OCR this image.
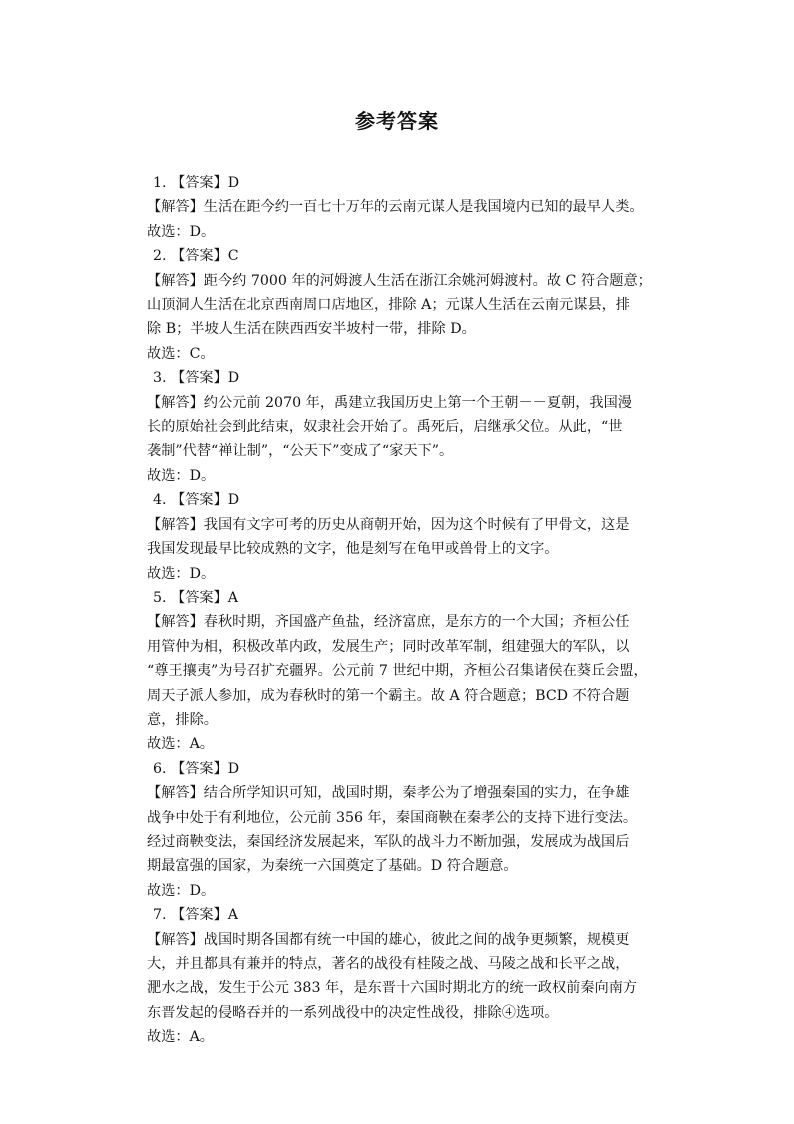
参考答案
1. 【答案】D
【解答】生活在距今约一百七十万年的云南元谋人是我国境内已知的最早人类。
故选：D。
2. 【答案】C
【解答】距今约 7000 年的河姆渡人生活在浙江余姚河姆渡村。故 C 符合题意；
山顶洞人生活在北京西南周口店地区，排除 A；元谋人生活在云南元谋县，排
除 B；半坡人生活在陕西西安半坡村一带，排除 D。
故选：C。
3. 【答案】D
【解答】约公元前 2070 年，禹建立我国历史上第一个王朝－－夏朝，我国漫
长的原始社会到此结束，奴隶社会开始了。禹死后，启继承父位。从此，“世
袭制”代替“禅让制”，“公天下”变成了“家天下”。
故选：D。
4. 【答案】D
【解答】我国有文字可考的历史从商朝开始，因为这个时候有了甲骨文，这是
我国发现最早比较成熟的文字，他是刻写在龟甲或兽骨上的文字。
故选：D。
5. 【答案】A
【解答】春秋时期，齐国盛产鱼盐，经济富庶，是东方的一个大国；齐桓公任
用管仲为相，积极改革内政，发展生产；同时改革军制，组建强大的军队，以
“尊王攘夷”为号召扩充疆界。公元前 7 世纪中期，齐桓公召集诸侯在葵丘会盟，
周天子派人参加，成为春秋时的第一个霸主。故 A 符合题意；BCD 不符合题
意，排除。
故选：A。
6. 【答案】D
【解答】结合所学知识可知，战国时期，秦孝公为了增强秦国的实力，在争雄
战争中处于有利地位，公元前 356 年，秦国商鞅在秦孝公的支持下进行变法。
经过商鞅变法，秦国经济发展起来，军队的战斗力不断加强，发展成为战国后
期最富强的国家，为秦统一六国奠定了基础。D 符合题意。
故选：D。
7. 【答案】A
【解答】战国时期各国都有统一中国的雄心，彼此之间的战争更频繁，规模更
大，并且都具有兼并的特点，著名的战役有桂陵之战、马陵之战和长平之战，
淝水之战，发生于公元 383 年，是东晋十六国时期北方的统一政权前秦向南方
东晋发起的侵略吞并的一系列战役中的决定性战役，排除④选项。
故选：A。
